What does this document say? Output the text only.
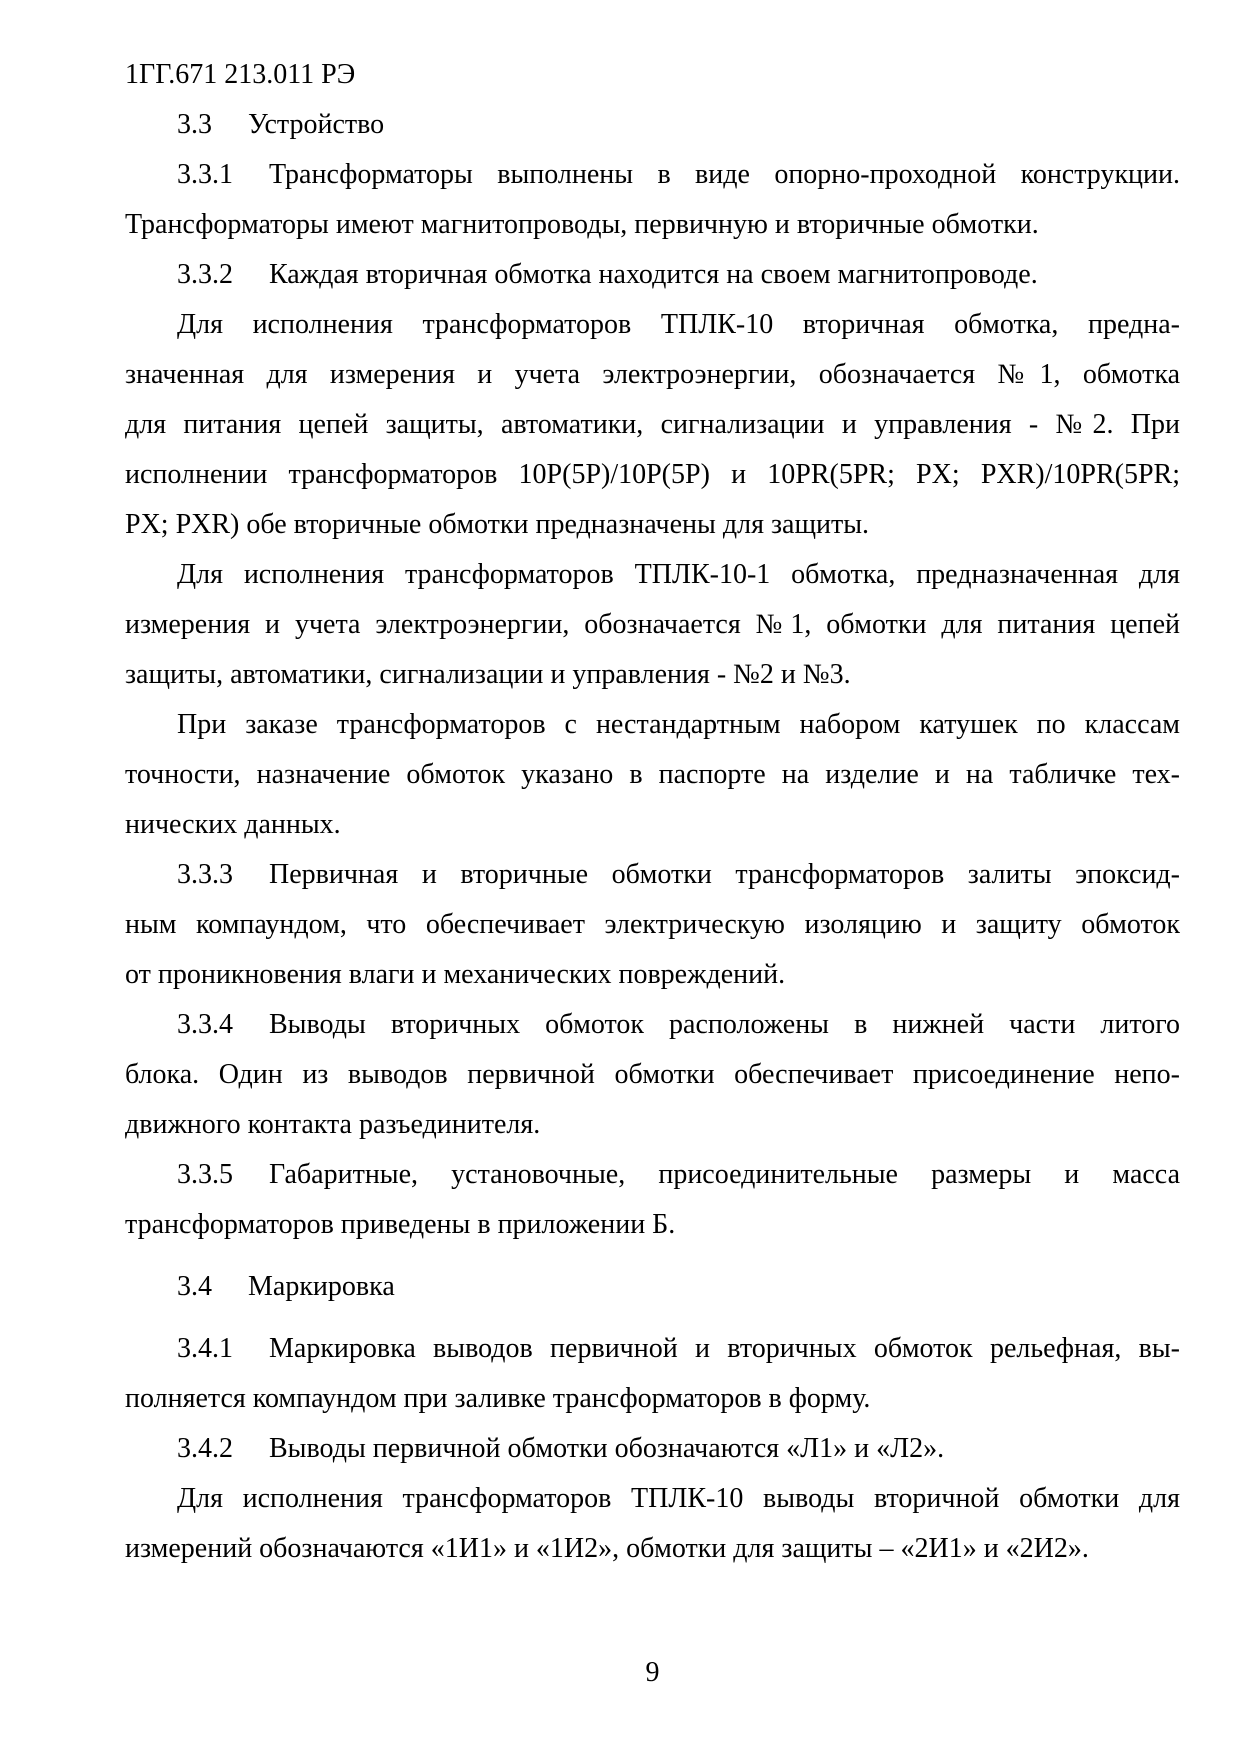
1ГГ.671 213.011 РЭ
3.3 Устройство
3.3.1 Трансформаторы выполнены в виде опорно-проходной конструкции.
Трансформаторы имеют магнитопроводы, первичную и вторичные обмотки.
3.3.2 Каждая вторичная обмотка находится на своем магнитопроводе.
Для исполнения трансформаторов ТПЛК-10 вторичная обмотка, предна-
значенная для измерения и учета электроэнергии, обозначается №1, обмотка
для питания цепей защиты, автоматики, сигнализации и управления - №2. При
исполнении трансформаторов 10Р(5Р)/10Р(5Р) и 10PR(5PR; PX; PXR)/10PR(5PR;
PX; PXR) обе вторичные обмотки предназначены для защиты.
Для исполнения трансформаторов ТПЛК-10-1 обмотка, предназначенная для
измерения и учета электроэнергии, обозначается №1, обмотки для питания цепей
защиты, автоматики, сигнализации и управления - №2 и №3.
При заказе трансформаторов с нестандартным набором катушек по классам
точности, назначение обмоток указано в паспорте на изделие и на табличке тех-
нических данных.
3.3.3 Первичная и вторичные обмотки трансформаторов залиты эпоксид-
ным компаундом, что обеспечивает электрическую изоляцию и защиту обмоток
от проникновения влаги и механических повреждений.
3.3.4 Выводы вторичных обмоток расположены в нижней части литого
блока. Один из выводов первичной обмотки обеспечивает присоединение непо-
движного контакта разъединителя.
3.3.5 Габаритные, установочные, присоединительные размеры и масса
трансформаторов приведены в приложении Б.
3.4 Маркировка
3.4.1 Маркировка выводов первичной и вторичных обмоток рельефная, вы-
полняется компаундом при заливке трансформаторов в форму.
3.4.2 Выводы первичной обмотки обозначаются «Л1» и «Л2».
Для исполнения трансформаторов ТПЛК-10 выводы вторичной обмотки для
измерений обозначаются «1И1» и «1И2», обмотки для защиты – «2И1» и «2И2».
9
